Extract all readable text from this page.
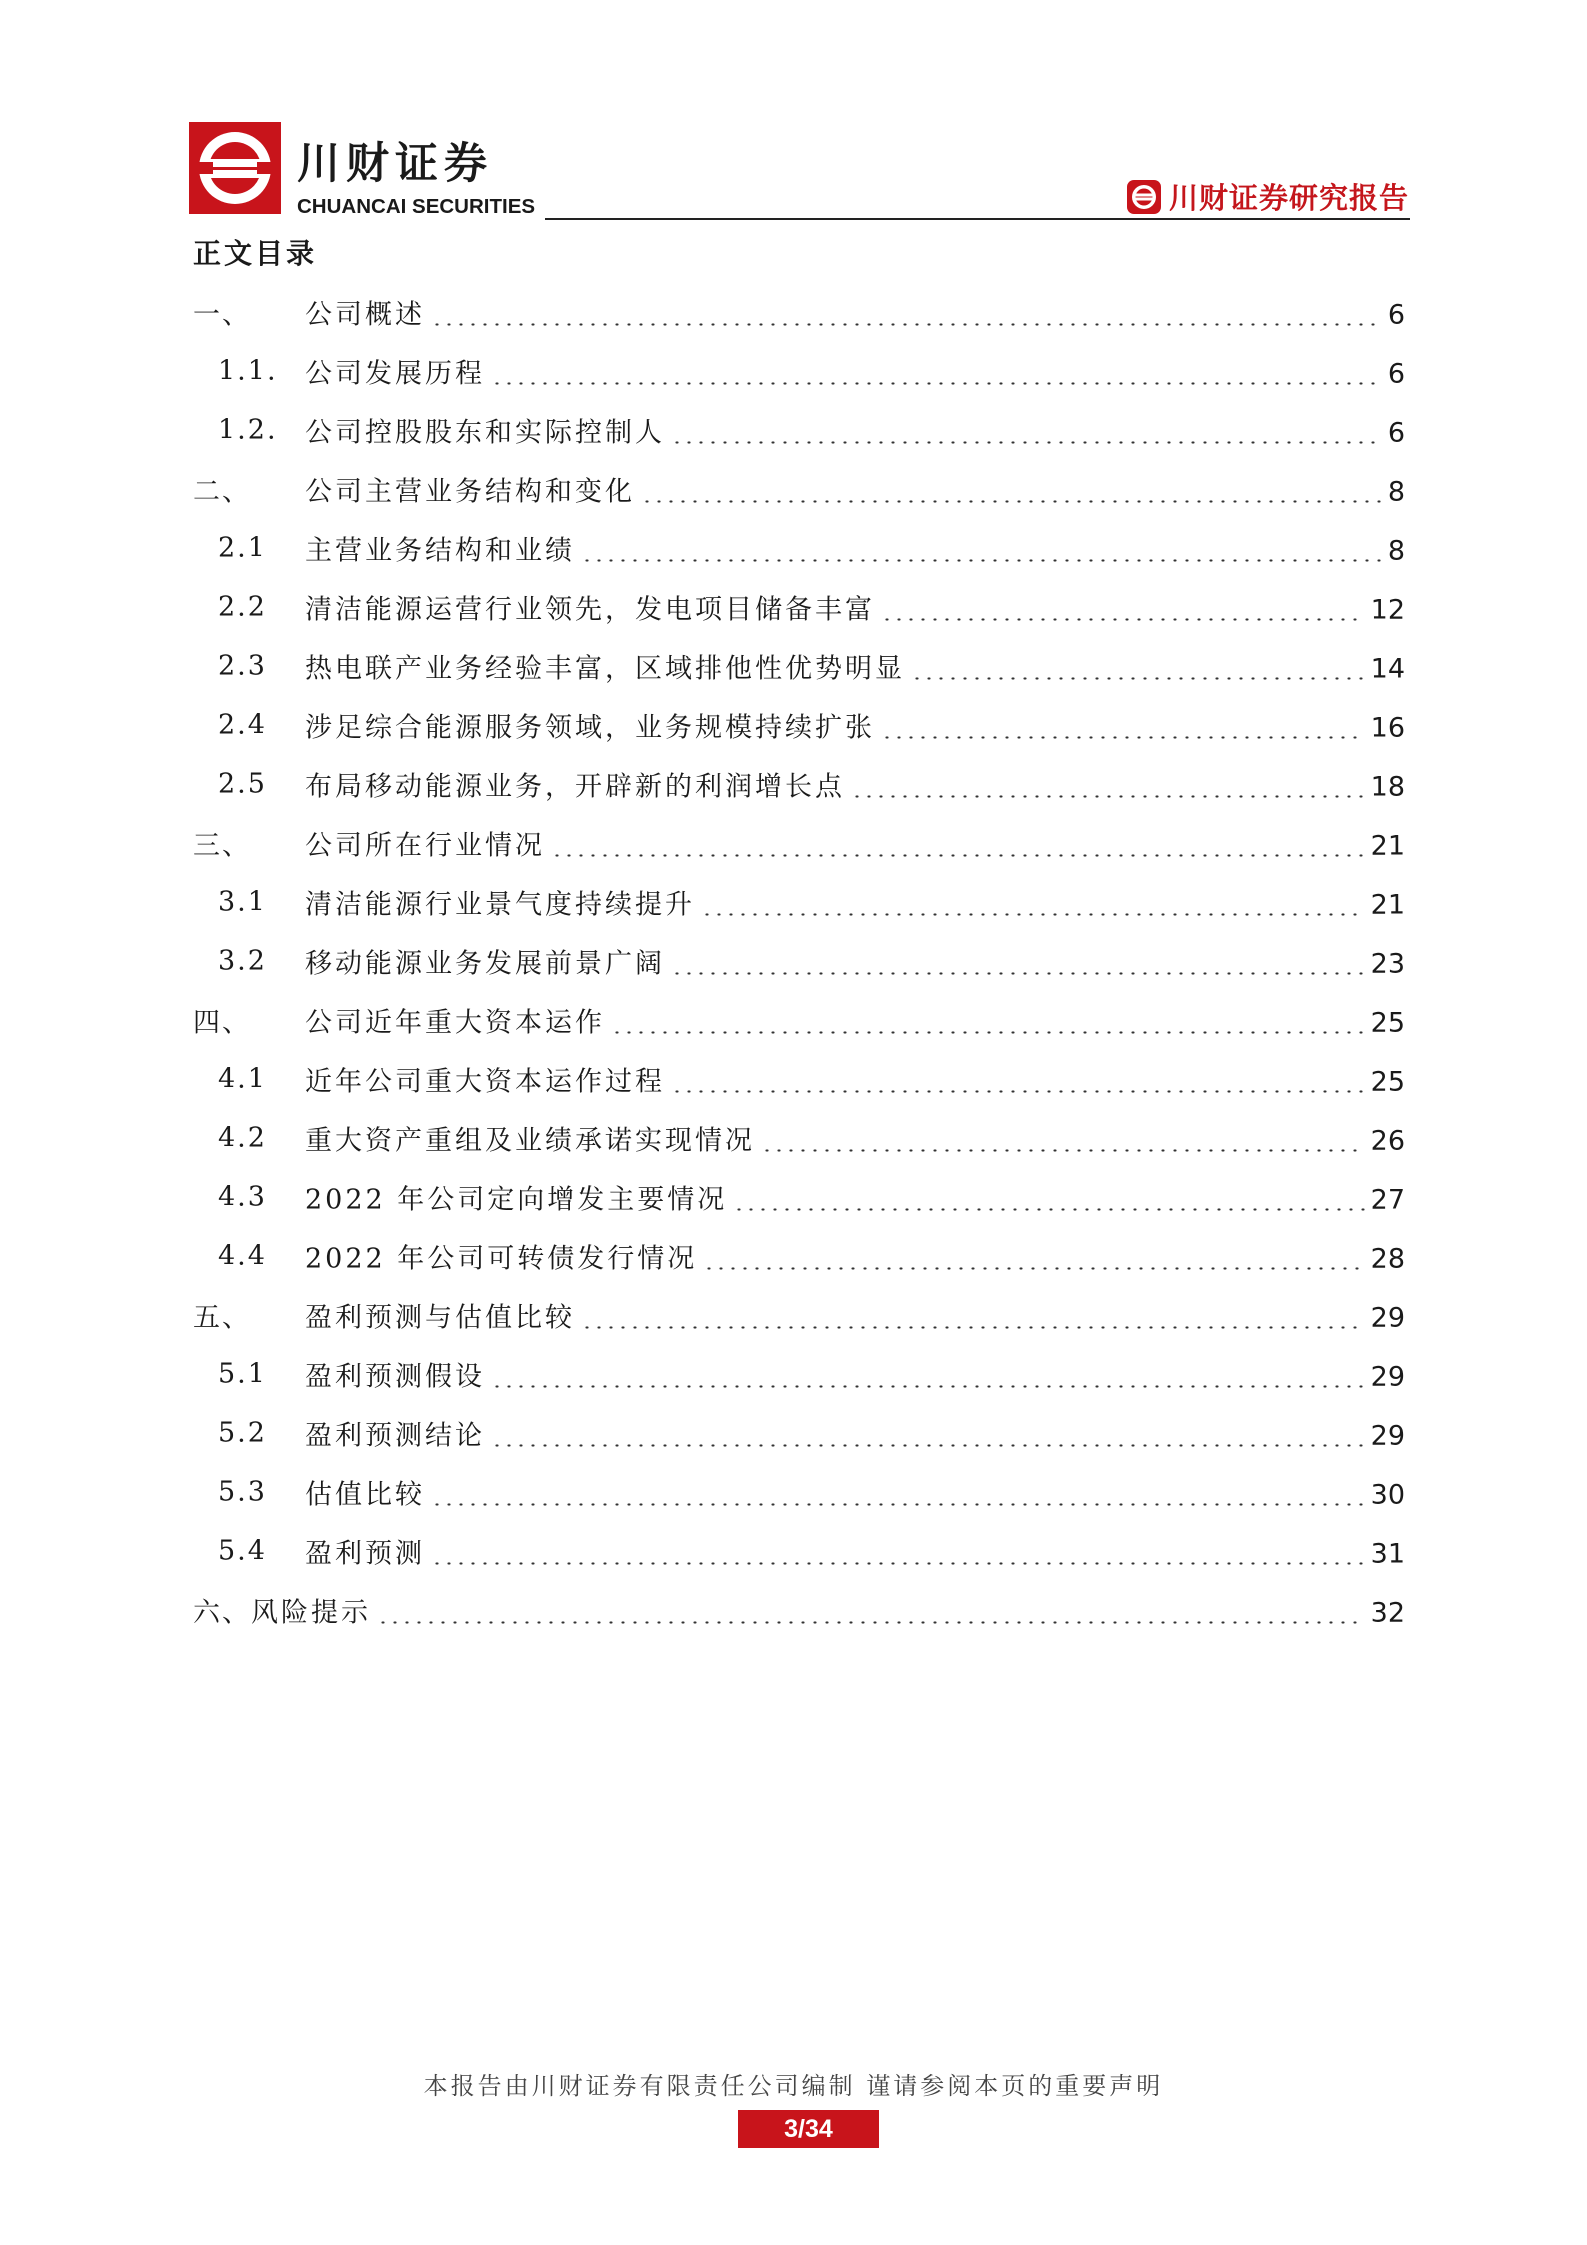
川财证券
CHUANCAI SECURITIES	川财证券研究报告
正文目录
一、 公司概述	6
1.1. 公司发展历程	6
1.2. 公司控股股东和实际控制人	6
二、 公司主营业务结构和变化	8
2.1 主营业务结构和业绩	8
2.2 清洁能源运营行业领先，发电项目储备丰富	12
2.3 热电联产业务经验丰富，区域排他性优势明显	14
2.4 涉足综合能源服务领域，业务规模持续扩张	16
2.5 布局移动能源业务，开辟新的利润增长点	18
三、 公司所在行业情况	21
3.1 清洁能源行业景气度持续提升	21
3.2 移动能源业务发展前景广阔	23
四、 公司近年重大资本运作	25
4.1 近年公司重大资本运作过程	25
4.2 重大资产重组及业绩承诺实现情况	26
4.3 2022 年公司定向增发主要情况	27
4.4 2022 年公司可转债发行情况	28
五、 盈利预测与估值比较	29
5.1 盈利预测假设	29
5.2 盈利预测结论	29
5.3 估值比较	30
5.4 盈利预测	31
六、 风险提示	32
本报告由川财证券有限责任公司编制 谨请参阅本页的重要声明
3/34
